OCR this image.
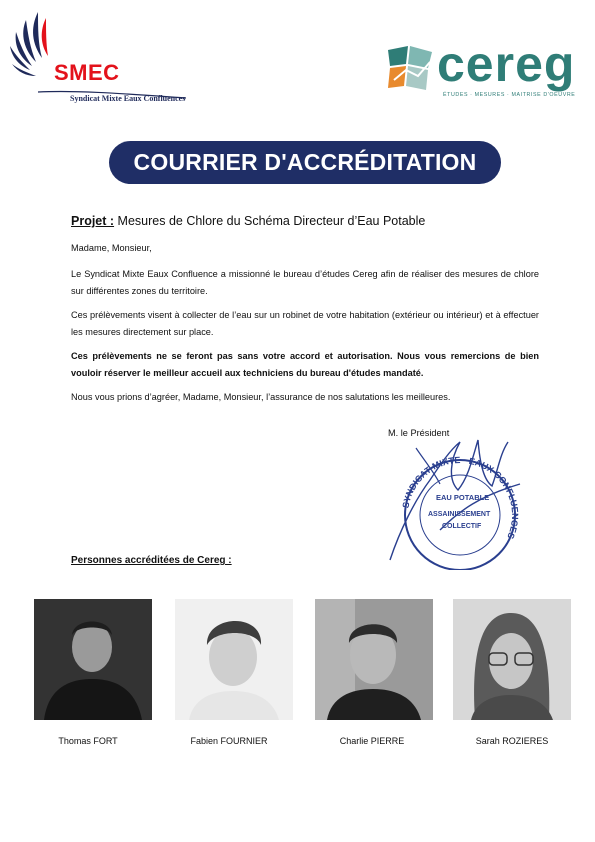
SMEC
Syndicat Mixte Eaux Confluences
cereg
ÉTUDES · MESURES · MAITRISE D'OEUVRE
COURRIER D'ACCRÉDITATION
Projet : Mesures de Chlore du Schéma Directeur d’Eau Potable
Madame, Monsieur,
Le Syndicat Mixte Eaux Confluence a missionné le bureau d’études Cereg afin de réaliser des mesures de chlore sur différentes zones du territoire.
Ces prélèvements visent à collecter de l’eau sur un robinet de votre habitation (extérieur ou intérieur) et à effectuer les mesures directement sur place.
Ces prélèvements ne se feront pas sans votre accord et autorisation. Nous vous remercions de bien vouloir réserver le meilleur accueil aux techniciens du bureau d'études mandaté.
Nous vous prions d’agréer, Madame, Monsieur, l’assurance de nos salutations les meilleures.
M. le Président
SYNDICAT MIXTE · EAUX CONFLUENCES
EAU POTABLE
ASSAINISSEMENT
COLLECTIF
Personnes accréditées de Cereg :
Thomas FORT	Fabien FOURNIER	Charlie PIERRE	Sarah ROZIERES
